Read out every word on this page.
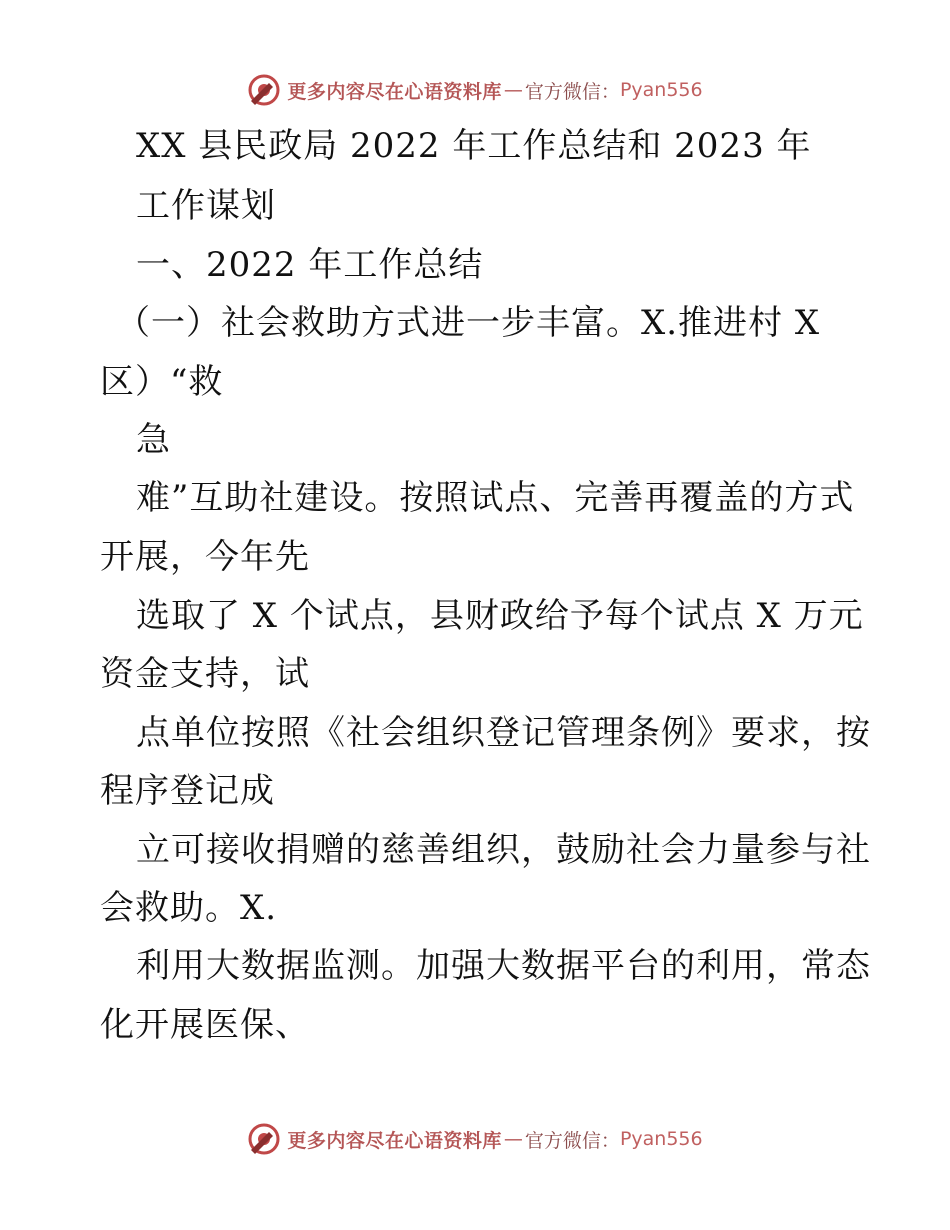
更多内容尽在心语资料库 — 官方微信： Pyan556
XX 县民政局 2022 年工作总结和 2023 年
工作谋划
一、2022 年工作总结
（一）社会救助方式进一步丰富。X.推进村 X
区）“救
急
难”互助社建设。按照试点、完善再覆盖的方式
开展，今年先
选取了 X 个试点，县财政给予每个试点 X 万元
资金支持，试
点单位按照《社会组织登记管理条例》要求，按
程序登记成
立可接收捐赠的慈善组织，鼓励社会力量参与社
会救助。X.
利用大数据监测。加强大数据平台的利用，常态
化开展医保、
更多内容尽在心语资料库 — 官方微信： Pyan556
